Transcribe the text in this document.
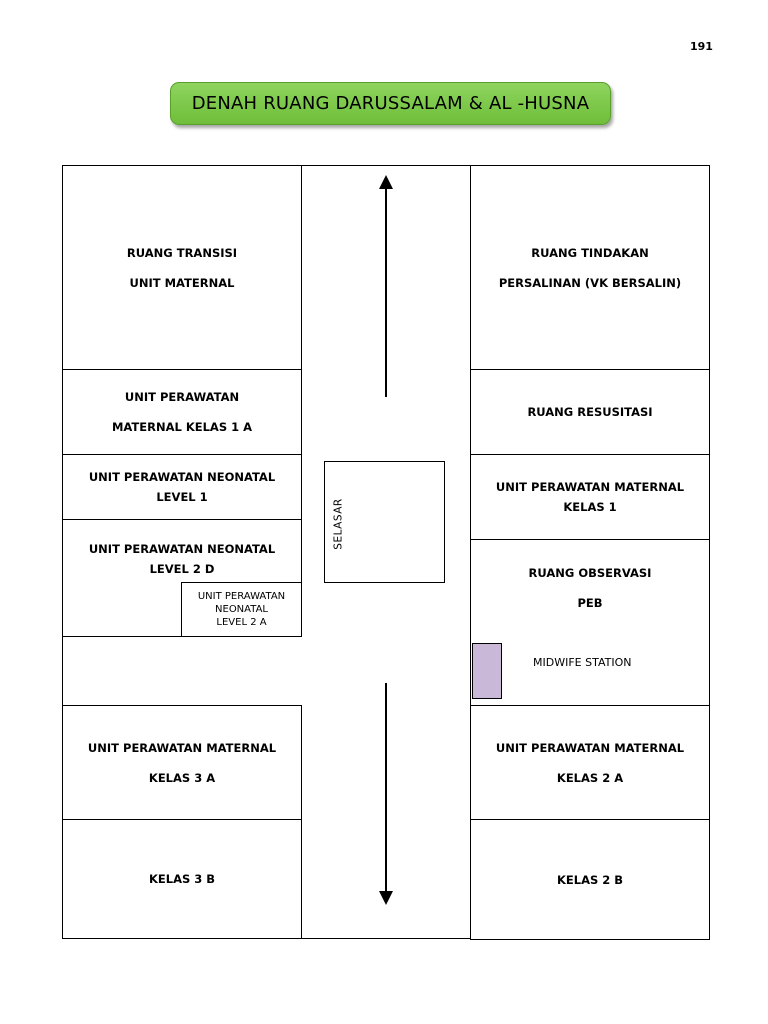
191
DENAH RUANG DARUSSALAM & AL -HUSNA
RUANG TRANSISI
UNIT MATERNAL
UNIT PERAWATAN
MATERNAL KELAS 1 A
UNIT PERAWATAN NEONATAL
LEVEL 1
UNIT PERAWATAN NEONATAL
LEVEL 2 D
UNIT PERAWATAN
NEONATAL
LEVEL 2 A
UNIT PERAWATAN MATERNAL
KELAS 3 A
KELAS 3 B
RUANG TINDAKAN
PERSALINAN (VK BERSALIN)
RUANG RESUSITASI
UNIT PERAWATAN MATERNAL
KELAS 1
RUANG OBSERVASI
PEB
MIDWIFE STATION
UNIT PERAWATAN MATERNAL
KELAS 2 A
KELAS 2 B
SELASAR
